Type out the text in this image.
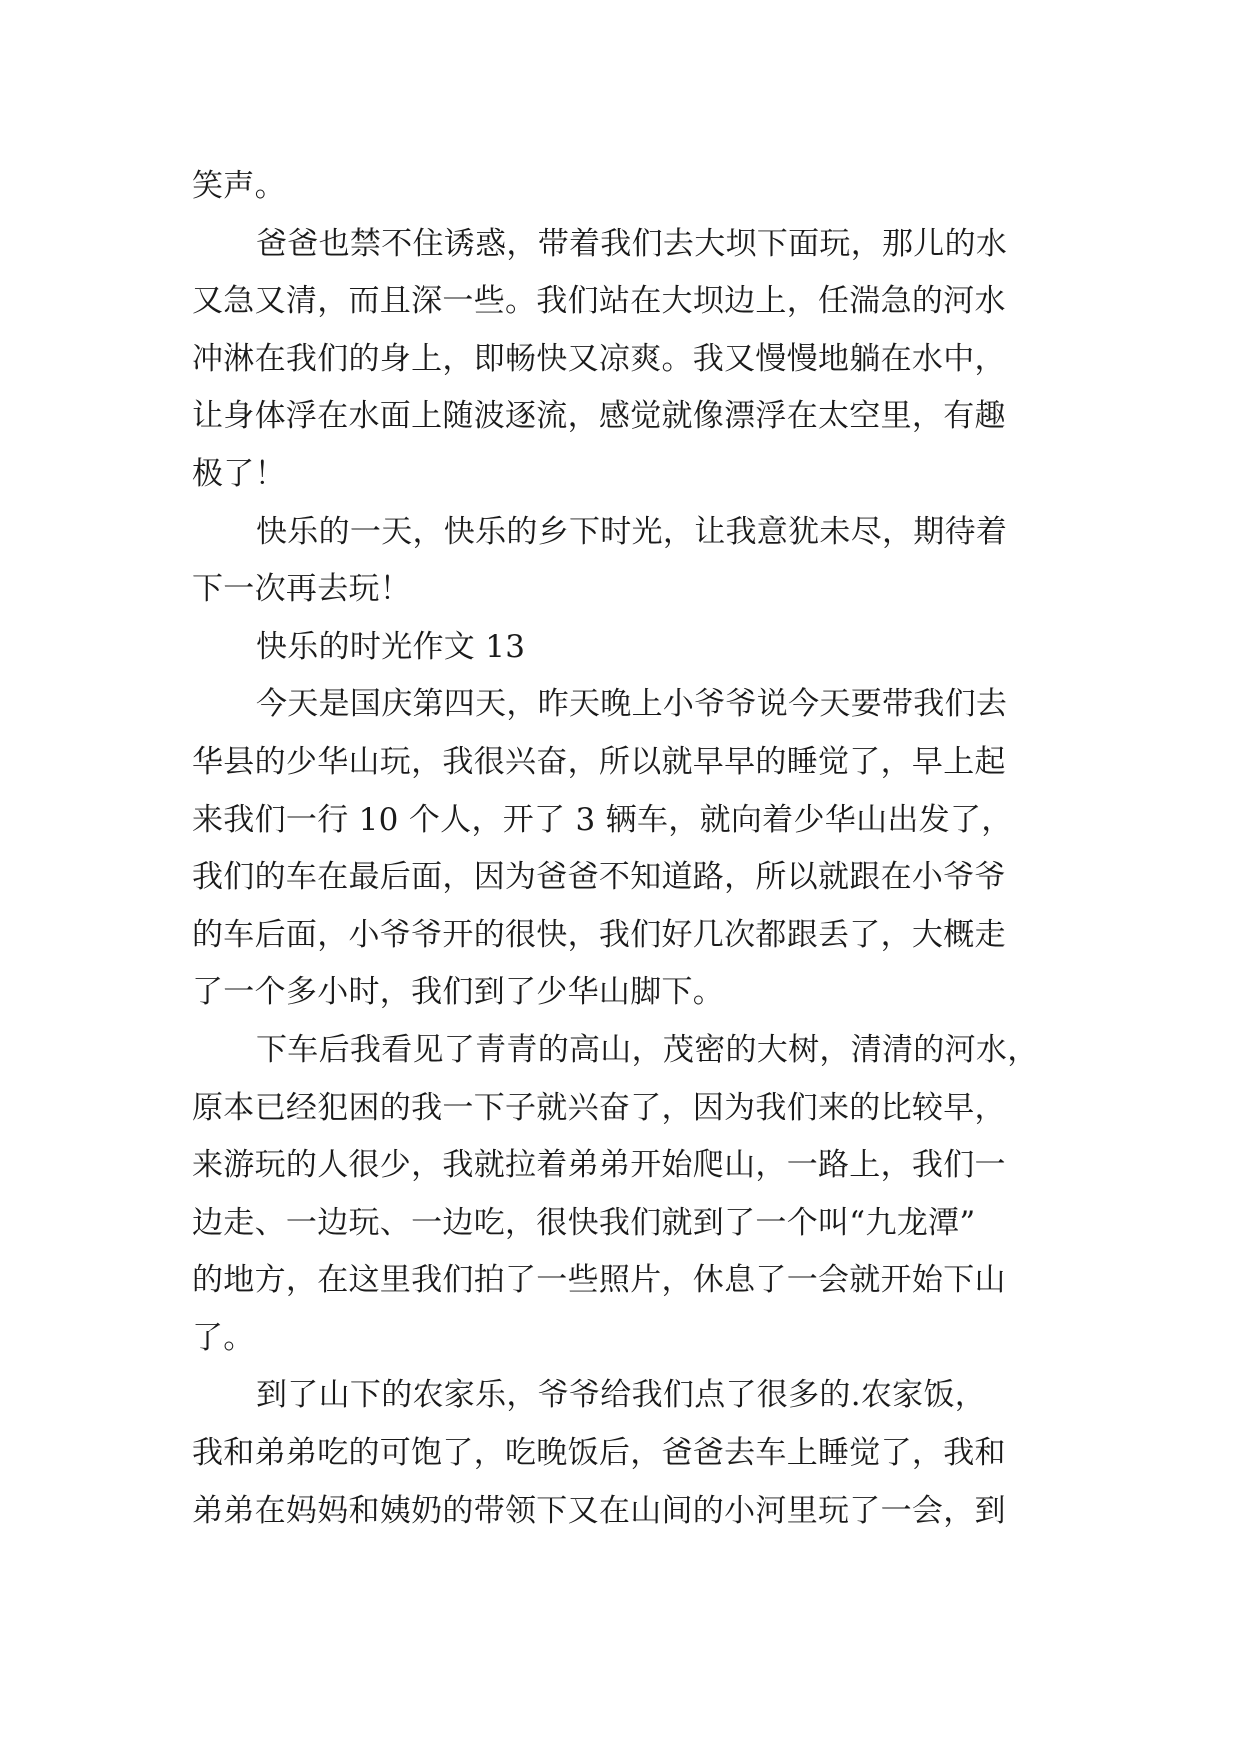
笑声。
爸爸也禁不住诱惑，带着我们去大坝下面玩，那儿的水
又急又清，而且深一些。我们站在大坝边上，任湍急的河水
冲淋在我们的身上，即畅快又凉爽。我又慢慢地躺在水中，
让身体浮在水面上随波逐流，感觉就像漂浮在太空里，有趣
极了！
快乐的一天，快乐的乡下时光，让我意犹未尽，期待着
下一次再去玩！
快乐的时光作文 13
今天是国庆第四天，昨天晚上小爷爷说今天要带我们去
华县的少华山玩，我很兴奋，所以就早早的睡觉了，早上起
来我们一行 10 个人，开了 3 辆车，就向着少华山出发了，
我们的车在最后面，因为爸爸不知道路，所以就跟在小爷爷
的车后面，小爷爷开的很快，我们好几次都跟丢了，大概走
了一个多小时，我们到了少华山脚下。
下车后我看见了青青的高山，茂密的大树，清清的河水，
原本已经犯困的我一下子就兴奋了，因为我们来的比较早，
来游玩的人很少，我就拉着弟弟开始爬山，一路上，我们一
边走、一边玩、一边吃，很快我们就到了一个叫“九龙潭”
的地方，在这里我们拍了一些照片，休息了一会就开始下山
了。
到了山下的农家乐，爷爷给我们点了很多的.农家饭，
我和弟弟吃的可饱了，吃晚饭后，爸爸去车上睡觉了，我和
弟弟在妈妈和姨奶的带领下又在山间的小河里玩了一会，到
